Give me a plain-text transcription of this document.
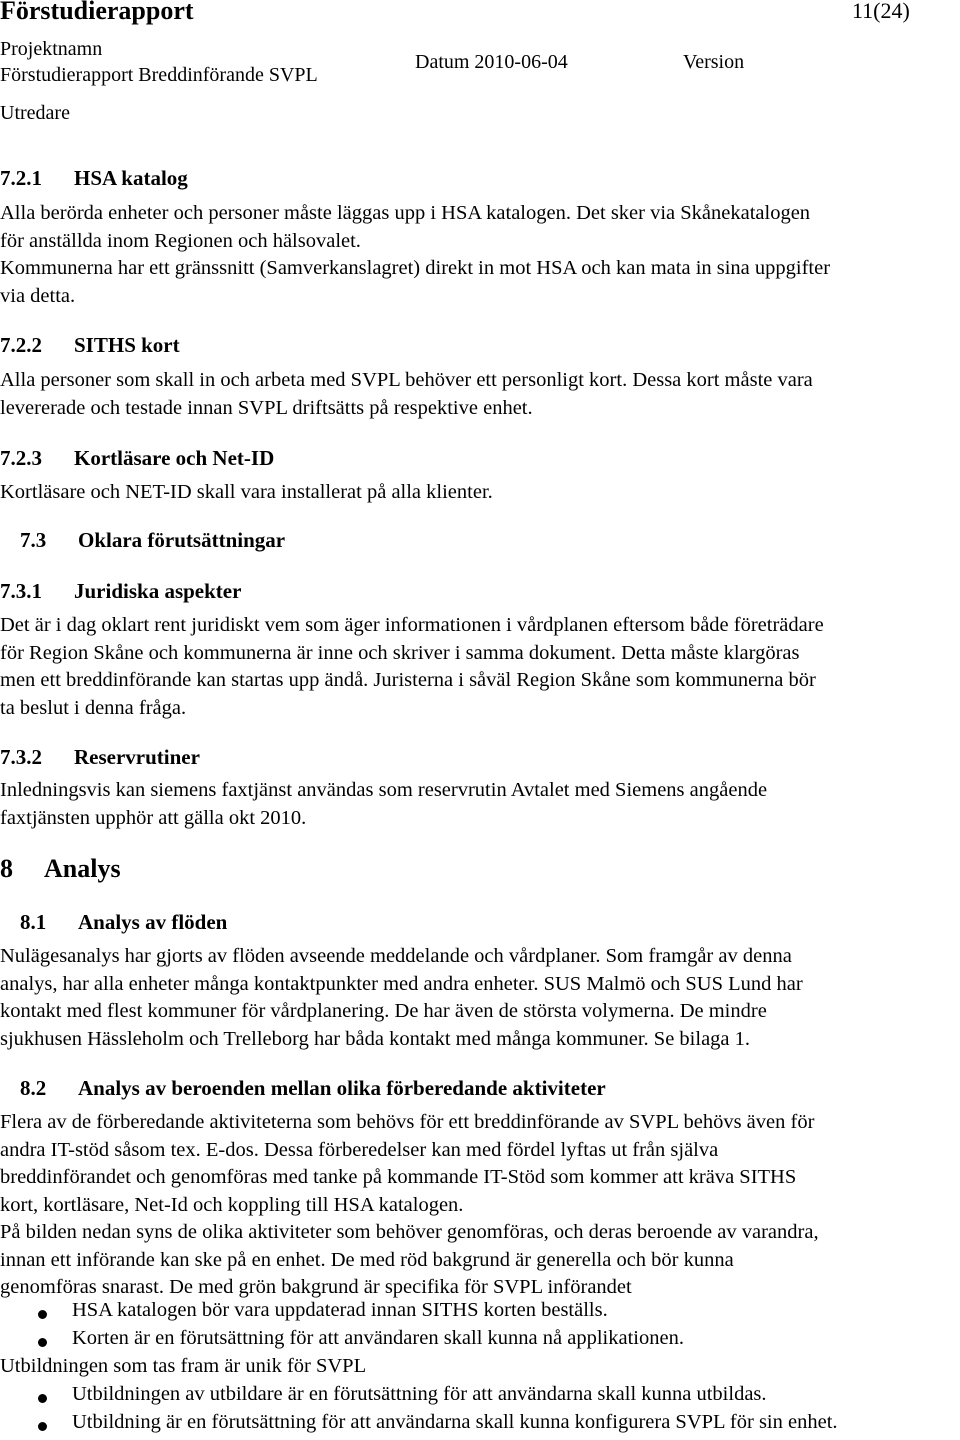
Förstudierapport	11(24)
Projektnamn
Förstudierapport Breddinförande SVPL
Datum 2010-06-04	Version
Utredare
7.2.1 HSA katalog
Alla berörda enheter och personer måste läggas upp i HSA katalogen. Det sker via Skånekatalogen
för anställda inom Regionen och hälsovalet.
Kommunerna har ett gränssnitt (Samverkanslagret) direkt in mot HSA och kan mata in sina uppgifter
via detta.
7.2.2 SITHS kort
Alla personer som skall in och arbeta med SVPL behöver ett personligt kort. Dessa kort måste vara
levererade och testade innan SVPL driftsätts på respektive enhet.
7.2.3 Kortläsare och Net-ID
Kortläsare och NET-ID skall vara installerat på alla klienter.
7.3 Oklara förutsättningar
7.3.1 Juridiska aspekter
Det är i dag oklart rent juridiskt vem som äger informationen i vårdplanen eftersom både företrädare
för Region Skåne och kommunerna är inne och skriver i samma dokument. Detta måste klargöras
men ett breddinförande kan startas upp ändå. Juristerna i såväl Region Skåne som kommunerna bör
ta beslut i denna fråga.
7.3.2 Reservrutiner
Inledningsvis kan siemens faxtjänst användas som reservrutin Avtalet med Siemens angående
faxtjänsten upphör att gälla okt 2010.
8 Analys
8.1 Analys av flöden
Nulägesanalys har gjorts av flöden avseende meddelande och vårdplaner. Som framgår av denna
analys, har alla enheter många kontaktpunkter med andra enheter. SUS Malmö och SUS Lund har
kontakt med flest kommuner för vårdplanering. De har även de största volymerna. De mindre
sjukhusen Hässleholm och Trelleborg har båda kontakt med många kommuner. Se bilaga 1.
8.2 Analys av beroenden mellan olika förberedande aktiviteter
Flera av de förberedande aktiviteterna som behövs för ett breddinförande av SVPL behövs även för
andra IT-stöd såsom tex. E-dos. Dessa förberedelser kan med fördel lyftas ut från själva
breddinförandet och genomföras med tanke på kommande IT-Stöd som kommer att kräva SITHS
kort, kortläsare, Net-Id och koppling till HSA katalogen.
På bilden nedan syns de olika aktiviteter som behöver genomföras, och deras beroende av varandra,
innan ett införande kan ske på en enhet. De med röd bakgrund är generella och bör kunna
genomföras snarast. De med grön bakgrund är specifika för SVPL införandet
HSA katalogen bör vara uppdaterad innan SITHS korten beställs.
Korten är en förutsättning för att användaren skall kunna nå applikationen.
Utbildningen som tas fram är unik för SVPL
Utbildningen av utbildare är en förutsättning för att användarna skall kunna utbildas.
Utbildning är en förutsättning för att användarna skall kunna konfigurera SVPL för sin enhet.
